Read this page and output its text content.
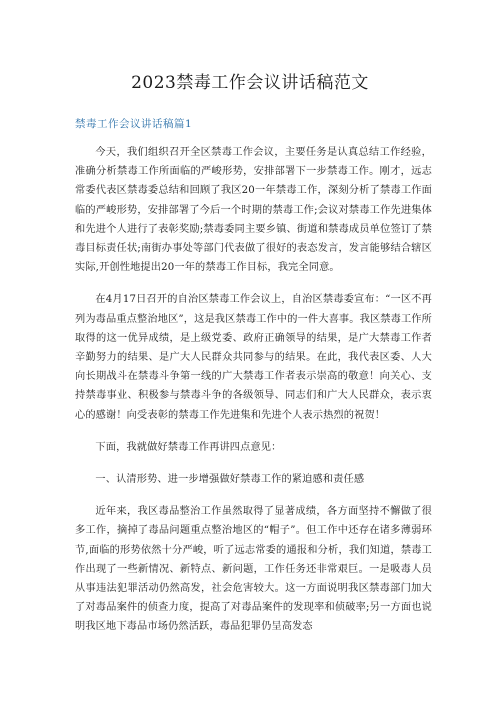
2023禁毒工作会议讲话稿范文
禁毒工作会议讲话稿篇1

今天，我们组织召开全区禁毒工作会议，主要任务是认真总结工作经验，准确分析禁毒工作所面临的严峻形势，安排部署下一步禁毒工作。刚才，远志常委代表区禁毒委总结和回顾了我区20一年禁毒工作，深刻分析了禁毒工作面临的严峻形势，安排部署了今后一个时期的禁毒工作;会议对禁毒工作先进集体和先进个人进行了表彰奖励;禁毒委同主要乡镇、街道和禁毒成员单位签订了禁毒目标责任状;南街办事处等部门代表做了很好的表态发言，发言能够结合辖区实际,开创性地提出20一年的禁毒工作目标，我完全同意。

在4月17日召开的自治区禁毒工作会议上，自治区禁毒委宣布：“一区不再列为毒品重点整治地区”，这是我区禁毒工作中的一件大喜事。我区禁毒工作所取得的这一优异成绩，是上级党委、政府正确领导的结果，是广大禁毒工作者辛勤努力的结果、是广大人民群众共同参与的结果。在此，我代表区委、人大向长期战斗在禁毒斗争第一线的广大禁毒工作者表示崇高的敬意！向关心、支持禁毒事业、积极参与禁毒斗争的各级领导、同志们和广大人民群众，表示衷心的感谢！向受表彰的禁毒工作先进集和先进个人表示热烈的祝贺！

下面，我就做好禁毒工作再讲四点意见：

一、认清形势、进一步增强做好禁毒工作的紧迫感和责任感

近年来，我区毒品整治工作虽然取得了显著成绩，各方面坚持不懈做了很多工作，摘掉了毒品问题重点整治地区的“帽子”。但工作中还存在诸多薄弱环节,面临的形势依然十分严峻，听了远志常委的通报和分析，我们知道，禁毒工作出现了一些新情况、新特点、新问题，工作任务还非常艰巨。一是吸毒人员从事违法犯罪活动仍然高发，社会危害较大。这一方面说明我区禁毒部门加大了对毒品案件的侦查力度，提高了对毒品案件的发现率和侦破率;另一方面也说明我区地下毒品市场仍然活跃，毒品犯罪仍呈高发态
